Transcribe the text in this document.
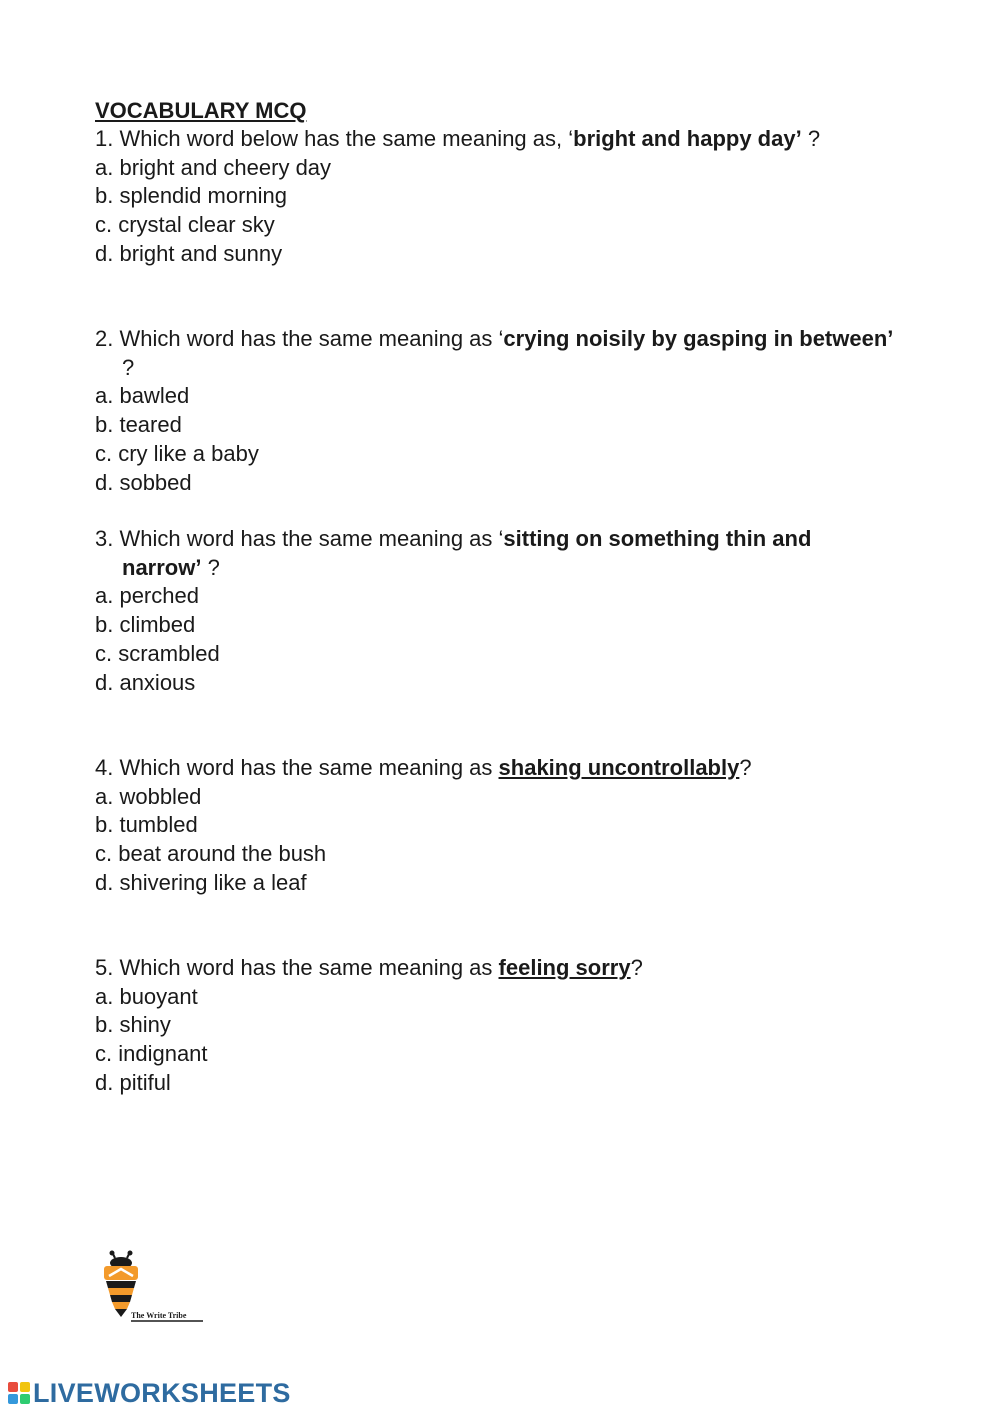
VOCABULARY MCQ
1. Which word below has the same meaning as, ‘bright and happy day’ ?
a. bright and cheery day
b. splendid morning
c. crystal clear sky
d. bright and sunny
2. Which word has the same meaning as ‘crying noisily by gasping in between’ ?
a. bawled
b. teared
c. cry like a baby
d. sobbed
3. Which word has the same meaning as ‘sitting on something thin and narrow’ ?
a. perched
b. climbed
c. scrambled
d. anxious
4. Which word has the same meaning as shaking uncontrollably?
a. wobbled
b. tumbled
c. beat around the bush
d. shivering like a leaf
5. Which word has the same meaning as feeling sorry?
a. buoyant
b. shiny
c. indignant
d. pitiful
The Write Tribe
LIVEWORKSHEETS
